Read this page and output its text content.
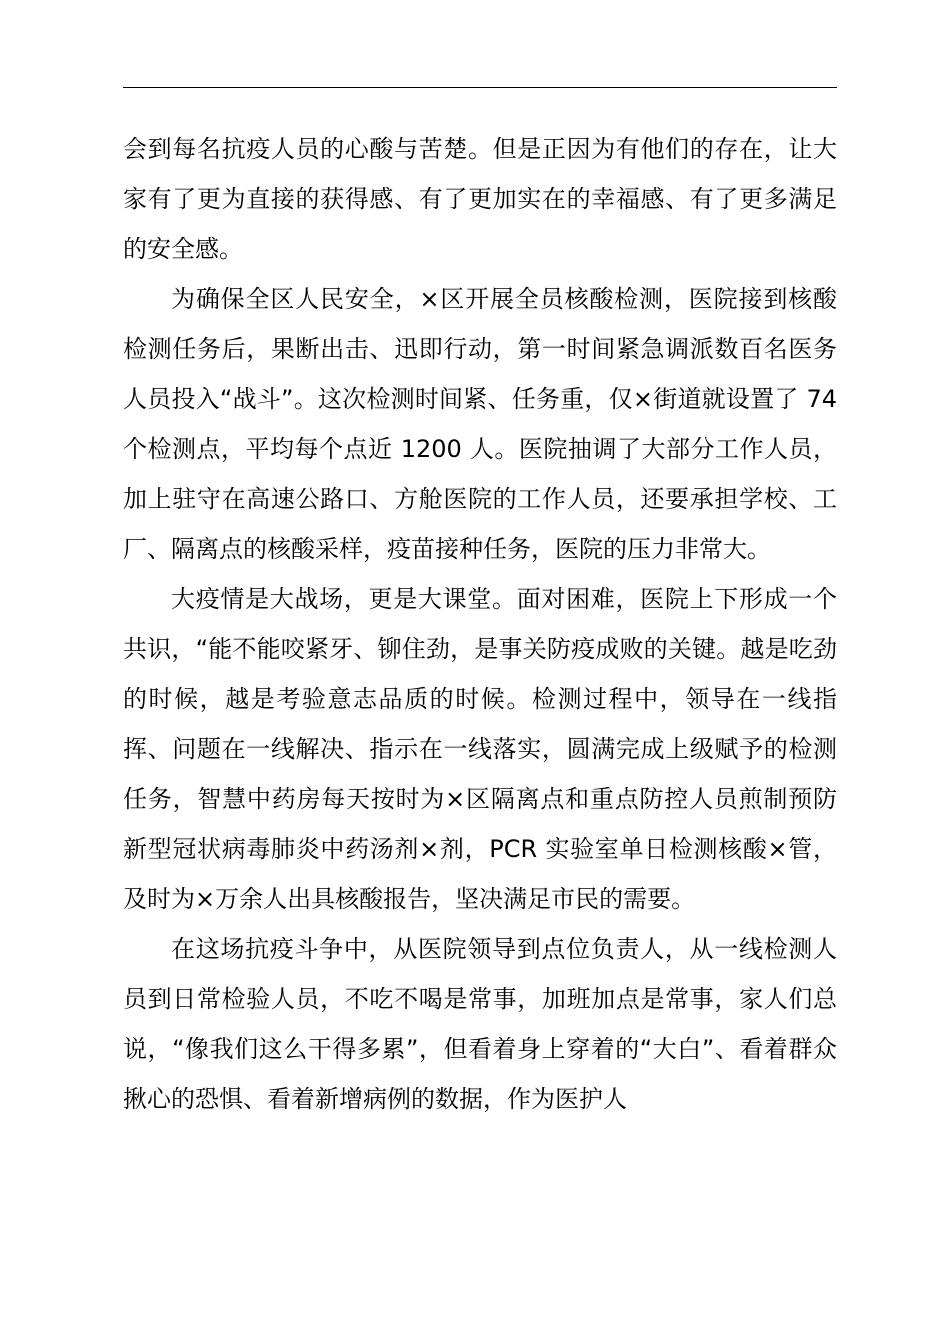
会到每名抗疫人员的心酸与苦楚。但是正因为有他们的存在，让大家有了更为直接的获得感、有了更加实在的幸福感、有了更多满足的安全感。

为确保全区人民安全，×区开展全员核酸检测，医院接到核酸检测任务后，果断出击、迅即行动，第一时间紧急调派数百名医务人员投入“战斗”。这次检测时间紧、任务重，仅×街道就设置了 74 个检测点，平均每个点近 1200 人。医院抽调了大部分工作人员，加上驻守在高速公路口、方舱医院的工作人员，还要承担学校、工厂、隔离点的核酸采样，疫苗接种任务，医院的压力非常大。

大疫情是大战场，更是大课堂。面对困难，医院上下形成一个共识，“能不能咬紧牙、铆住劲，是事关防疫成败的关键。越是吃劲的时候，越是考验意志品质的时候。检测过程中，领导在一线指挥、问题在一线解决、指示在一线落实，圆满完成上级赋予的检测任务，智慧中药房每天按时为×区隔离点和重点防控人员煎制预防新型冠状病毒肺炎中药汤剂×剂，PCR 实验室单日检测核酸×管，及时为×万余人出具核酸报告，坚决满足市民的需要。

在这场抗疫斗争中，从医院领导到点位负责人，从一线检测人员到日常检验人员，不吃不喝是常事，加班加点是常事，家人们总说，“像我们这么干得多累”，但看着身上穿着的“大白”、看着群众揪心的恐惧、看着新增病例的数据，作为医护人
